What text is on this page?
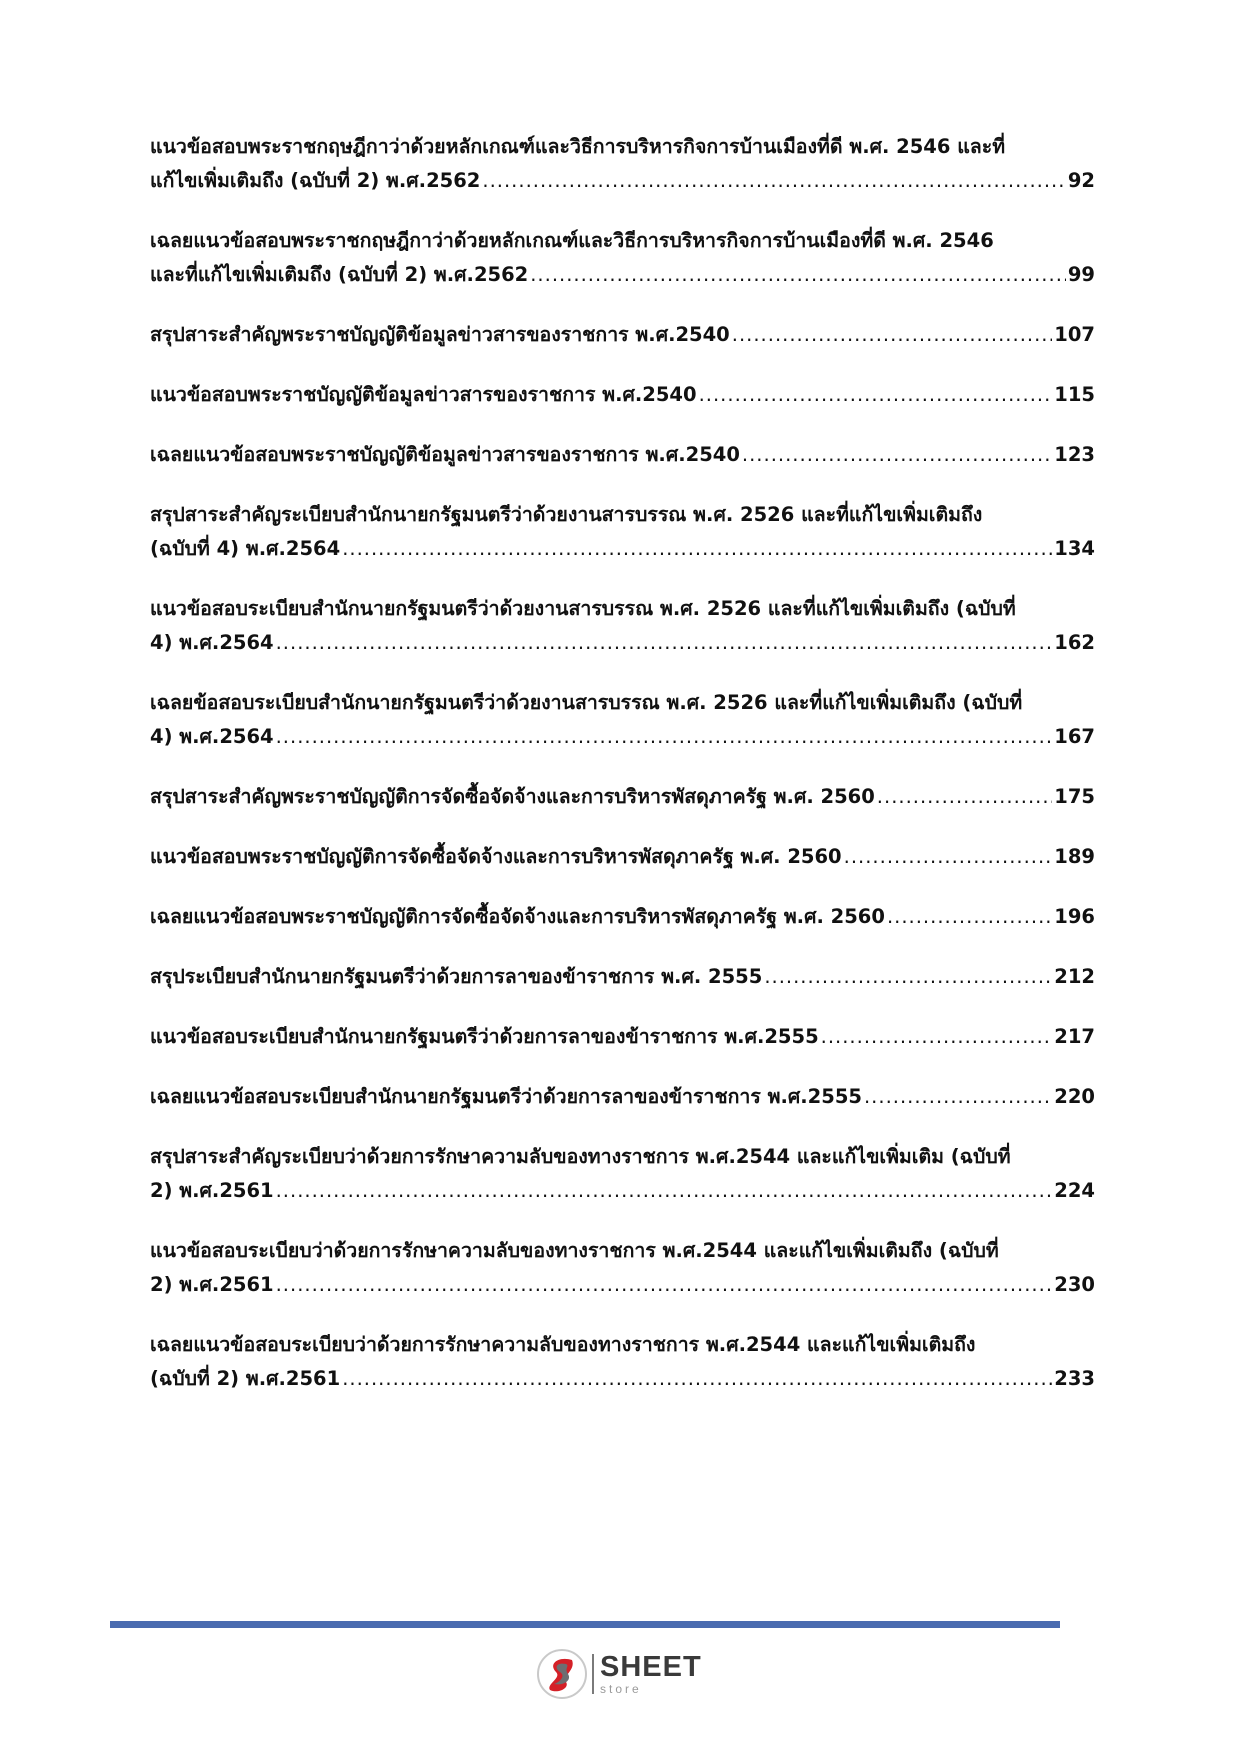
แนวข้อสอบพระราชกฤษฎีกาว่าด้วยหลักเกณฑ์และวิธีการบริหารกิจการบ้านเมืองที่ดี พ.ศ. 2546 และที่
แก้ไขเพิ่มเติมถึง (ฉบับที่ 2) พ.ศ.2562 .....	92
เฉลยแนวข้อสอบพระราชกฤษฎีกาว่าด้วยหลักเกณฑ์และวิธีการบริหารกิจการบ้านเมืองที่ดี พ.ศ. 2546
และที่แก้ไขเพิ่มเติมถึง (ฉบับที่ 2) พ.ศ.2562 .....	99
สรุปสาระสำคัญพระราชบัญญัติข้อมูลข่าวสารของราชการ พ.ศ.2540 .....	107
แนวข้อสอบพระราชบัญญัติข้อมูลข่าวสารของราชการ พ.ศ.2540 .....	115
เฉลยแนวข้อสอบพระราชบัญญัติข้อมูลข่าวสารของราชการ พ.ศ.2540 .....	123
สรุปสาระสำคัญระเบียบสำนักนายกรัฐมนตรีว่าด้วยงานสารบรรณ พ.ศ. 2526 และที่แก้ไขเพิ่มเติมถึง
(ฉบับที่ 4) พ.ศ.2564 .....	134
แนวข้อสอบระเบียบสำนักนายกรัฐมนตรีว่าด้วยงานสารบรรณ พ.ศ. 2526 และที่แก้ไขเพิ่มเติมถึง (ฉบับที่
4) พ.ศ.2564 .....	162
เฉลยข้อสอบระเบียบสำนักนายกรัฐมนตรีว่าด้วยงานสารบรรณ พ.ศ. 2526 และที่แก้ไขเพิ่มเติมถึง (ฉบับที่
4) พ.ศ.2564 .....	167
สรุปสาระสำคัญพระราชบัญญัติการจัดซื้อจัดจ้างและการบริหารพัสดุภาครัฐ พ.ศ. 2560 .....	175
แนวข้อสอบพระราชบัญญัติการจัดซื้อจัดจ้างและการบริหารพัสดุภาครัฐ พ.ศ. 2560 .....	189
เฉลยแนวข้อสอบพระราชบัญญัติการจัดซื้อจัดจ้างและการบริหารพัสดุภาครัฐ พ.ศ. 2560 .....	196
สรุประเบียบสำนักนายกรัฐมนตรีว่าด้วยการลาของข้าราชการ พ.ศ. 2555 .....	212
แนวข้อสอบระเบียบสำนักนายกรัฐมนตรีว่าด้วยการลาของข้าราชการ พ.ศ.2555 .....	217
เฉลยแนวข้อสอบระเบียบสำนักนายกรัฐมนตรีว่าด้วยการลาของข้าราชการ พ.ศ.2555 .....	220
สรุปสาระสำคัญระเบียบว่าด้วยการรักษาความลับของทางราชการ พ.ศ.2544 และแก้ไขเพิ่มเติม (ฉบับที่
2) พ.ศ.2561 .....	224
แนวข้อสอบระเบียบว่าด้วยการรักษาความลับของทางราชการ พ.ศ.2544 และแก้ไขเพิ่มเติมถึง (ฉบับที่
2) พ.ศ.2561 .....	230
เฉลยแนวข้อสอบระเบียบว่าด้วยการรักษาความลับของทางราชการ พ.ศ.2544 และแก้ไขเพิ่มเติมถึง
(ฉบับที่ 2) พ.ศ.2561 .....	233
SHEET
store
